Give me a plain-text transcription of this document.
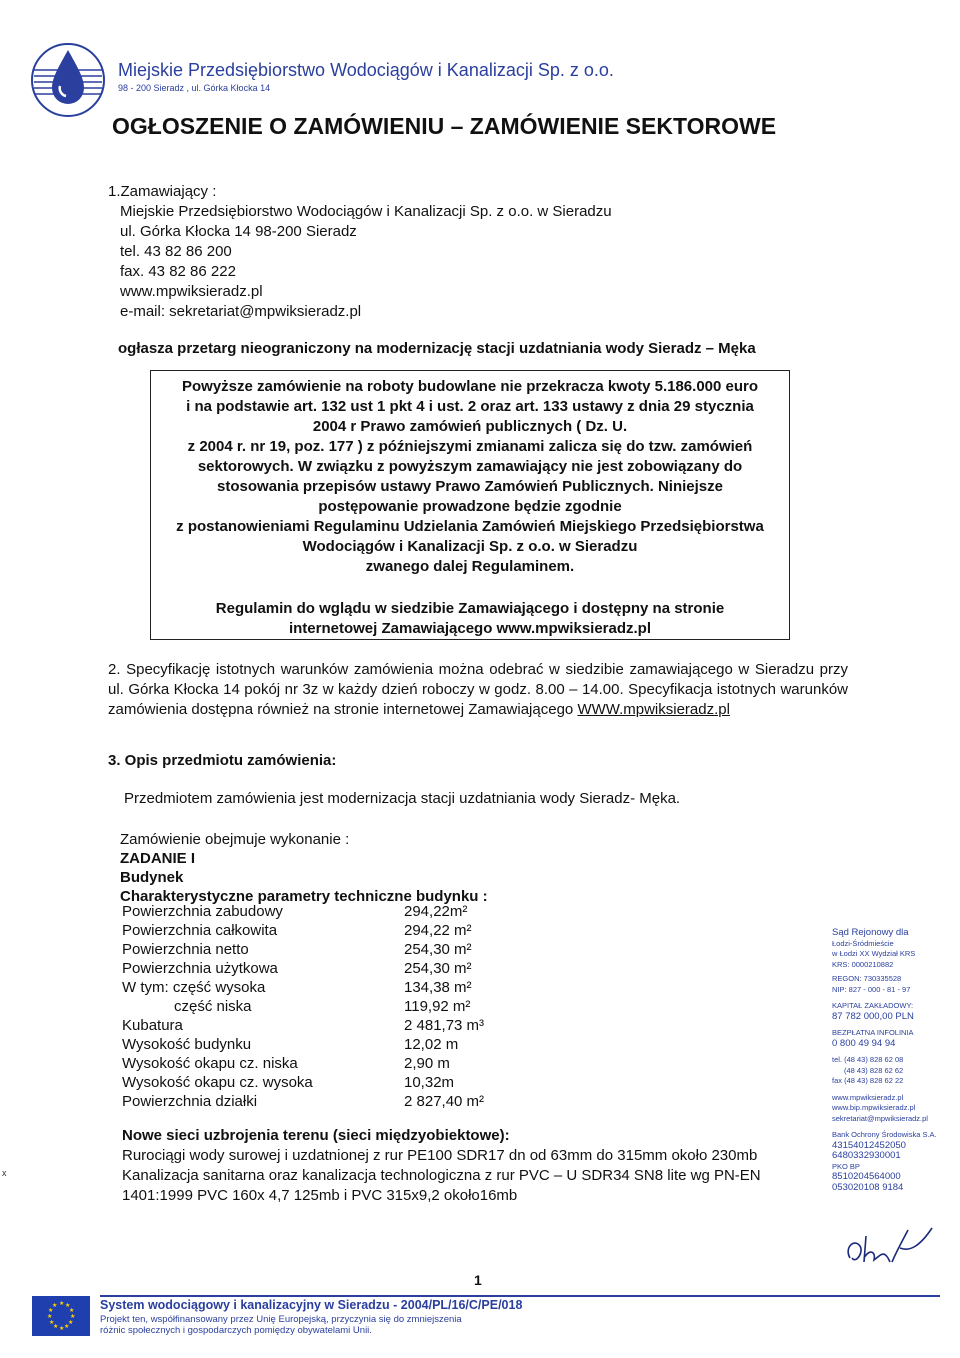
Miejskie Przedsiębiorstwo Wodociągów i Kanalizacji Sp. z o.o.
98 - 200 Sieradz , ul. Górka Kłocka 14
OGŁOSZENIE O ZAMÓWIENIU – ZAMÓWIENIE SEKTOROWE
1.Zamawiający :
Miejskie Przedsiębiorstwo Wodociągów i Kanalizacji Sp. z o.o. w Sieradzu
ul. Górka Kłocka 14 98-200 Sieradz
tel. 43 82 86 200
fax. 43 82 86 222
www.mpwiksieradz.pl
e-mail: sekretariat@mpwiksieradz.pl
ogłasza przetarg nieograniczony na modernizację stacji uzdatniania wody Sieradz – Męka

Powyższe zamówienie na roboty budowlane nie przekracza kwoty 5.186.000 euro

i na podstawie art. 132 ust 1 pkt 4 i ust. 2 oraz art. 133 ustawy z dnia 29 stycznia

2004 r Prawo zamówień publicznych ( Dz. U.

z 2004 r. nr 19, poz. 177 ) z późniejszymi zmianami zalicza się do tzw. zamówień

sektorowych. W związku z powyższym zamawiający nie jest zobowiązany do

stosowania przepisów ustawy Prawo Zamówień Publicznych. Niniejsze

postępowanie prowadzone będzie zgodnie

z postanowieniami Regulaminu Udzielania Zamówień Miejskiego Przedsiębiorstwa

Wodociągów i Kanalizacji Sp. z o.o. w Sieradzu

zwanego dalej Regulaminem.

Regulamin do wglądu w siedzibie Zamawiającego i dostępny na stronie

internetowej Zamawiającego www.mpwiksieradz.pl

2. Specyfikację istotnych warunków zamówienia można odebrać w siedzibie zamawiającego w Sieradzu przy ul. Górka Kłocka 14 pokój nr 3z w każdy dzień roboczy w godz. 8.00 – 14.00. Specyfikacja istotnych warunków zamówienia dostępna również na stronie internetowej Zamawiającego WWW.mpwiksieradz.pl
3. Opis przedmiotu zamówienia:
Przedmiotem zamówienia jest modernizacja stacji uzdatniania wody Sieradz- Męka.
Zamówienie obejmuje wykonanie :
ZADANIE I
Budynek
Charakterystyczne parametry techniczne budynku :
Powierzchnia zabudowy	294,22m²
Powierzchnia całkowita	294,22 m²
Powierzchnia netto	254,30 m²
Powierzchnia użytkowa	254,30 m²
W tym: część wysoka	134,38 m²
część niska	119,92 m²
Kubatura	2 481,73 m³
Wysokość budynku	12,02 m
Wysokość okapu cz. niska	2,90 m
Wysokość okapu cz. wysoka	10,32m
Powierzchnia działki	2 827,40 m²
Nowe sieci uzbrojenia terenu (sieci międzyobiektowe):
Rurociągi wody surowej i uzdatnionej z rur PE100 SDR17 dn od 63mm do 315mm około 230mb
Kanalizacja sanitarna oraz kanalizacja technologiczna z rur PVC – U SDR34 SN8 lite wg PN-EN
1401:1999 PVC 160x 4,7 125mb i PVC 315x9,2 około16mb
Sąd Rejonowy dla
Łodzi-Śródmieście
w Łodzi XX Wydział KRS
KRS: 0000210882
REGON: 730335528
NIP: 827 - 000 - 81 - 97
KAPITAŁ ZAKŁADOWY:
87 782 000,00 PLN
BEZPŁATNA INFOLINIA
0 800 49 94 94
tel. (48 43) 828 62 08
(48 43) 828 62 62
fax (48 43) 828 62 22
www.mpwiksieradz.pl
www.bip.mpwiksieradz.pl
sekretariat@mpwiksieradz.pl
Bank Ochrony Środowiska S.A.
43154012452050
6480332930001
PKO BP
8510204564000
053020108 9184
x
1
★ ★
★
★
★
★
★
★
★
★
★
★	System wodociągowy i kanalizacyjny w Sieradzu - 2004/PL/16/C/PE/018
Projekt ten, współfinansowany przez Unię Europejską, przyczynia się do zmniejszenia
różnic społecznych i gospodarczych pomiędzy obywatelami Unii.
